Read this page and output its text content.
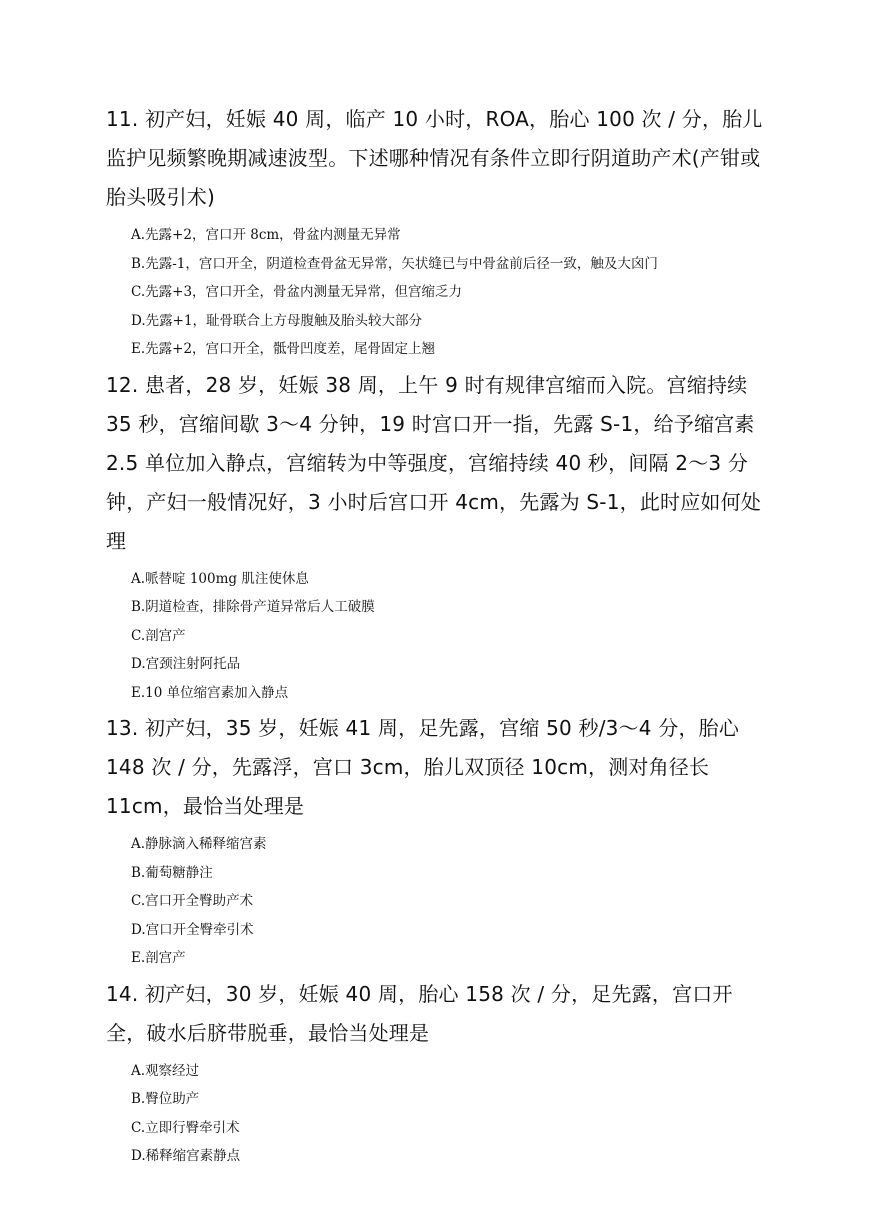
11. 初产妇，妊娠 40 周，临产 10 小时，ROA，胎心 100 次 / 分，胎儿监护见频繁晚期减速波型。下述哪种情况有条件立即行阴道助产术(产钳或胎头吸引术)

A.先露+2，宫口开 8cm，骨盆内测量无异常
B.先露-1，宫口开全，阴道检查骨盆无异常，矢状缝已与中骨盆前后径一致，触及大囟门
C.先露+3，宫口开全，骨盆内测量无异常，但宫缩乏力
D.先露+1，耻骨联合上方母腹触及胎头较大部分
E.先露+2，宫口开全，骶骨凹度差，尾骨固定上翘

12. 患者，28 岁，妊娠 38 周，上午 9 时有规律宫缩而入院。宫缩持续 35 秒，宫缩间歇 3～4 分钟，19 时宫口开一指，先露 S-1，给予缩宫素 2.5 单位加入静点，宫缩转为中等强度，宫缩持续 40 秒，间隔 2～3 分钟，产妇一般情况好，3 小时后宫口开 4cm，先露为 S-1，此时应如何处理

A.哌替啶 100mg 肌注使休息
B.阴道检查，排除骨产道异常后人工破膜
C.剖宫产
D.宫颈注射阿托品
E.10 单位缩宫素加入静点

13. 初产妇，35 岁，妊娠 41 周，足先露，宫缩 50 秒/3～4 分，胎心 148 次 / 分，先露浮，宫口 3cm，胎儿双顶径 10cm，测对角径长 11cm，最恰当处理是

A.静脉滴入稀释缩宫素
B.葡萄糖静注
C.宫口开全臀助产术
D.宫口开全臀牵引术
E.剖宫产

14. 初产妇，30 岁，妊娠 40 周，胎心 158 次 / 分，足先露，宫口开全，破水后脐带脱垂，最恰当处理是

A.观察经过
B.臀位助产
C.立即行臀牵引术
D.稀释缩宫素静点
